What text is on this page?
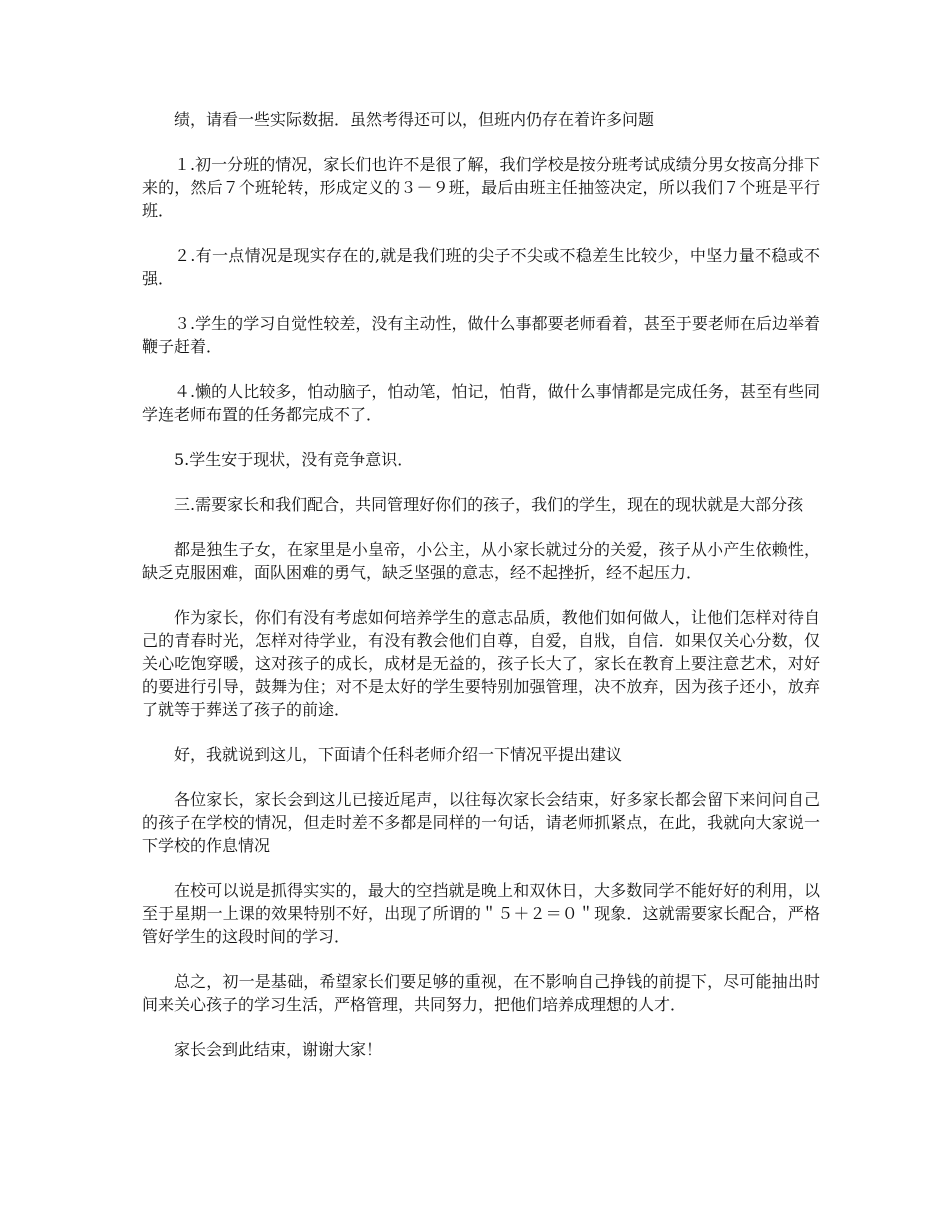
绩，请看一些实际数据．虽然考得还可以，但班内仍存在着许多问题

１.初一分班的情况，家长们也许不是很了解，我们学校是按分班考试成绩分男女按高分排下来的，然后７个班轮转，形成定义的３－９班，最后由班主任抽签决定，所以我们７个班是平行班．

２.有一点情况是现实存在的,就是我们班的尖子不尖或不稳差生比较少，中坚力量不稳或不强．

３.学生的学习自觉性较差，没有主动性，做什么事都要老师看着，甚至于要老师在后边举着鞭子赶着．

４.懒的人比较多，怕动脑子，怕动笔，怕记，怕背，做什么事情都是完成任务，甚至有些同学连老师布置的任务都完成不了．

5.学生安于现状，没有竞争意识．

三.需要家长和我们配合，共同管理好你们的孩子，我们的学生，现在的现状就是大部分孩

都是独生子女，在家里是小皇帝，小公主，从小家长就过分的关爱，孩子从小产生依赖性，缺乏克服困难，面队困难的勇气，缺乏坚强的意志，经不起挫折，经不起压力．

作为家长，你们有没有考虑如何培养学生的意志品质，教他们如何做人，让他们怎样对待自己的青春时光，怎样对待学业，有没有教会他们自尊，自爱，自戕，自信．如果仅关心分数，仅关心吃饱穿暖，这对孩子的成长，成材是无益的，孩子长大了，家长在教育上要注意艺术，对好的要进行引导，鼓舞为住；对不是太好的学生要特别加强管理，决不放弃，因为孩子还小，放弃了就等于葬送了孩子的前途．

好，我就说到这儿，下面请个任科老师介绍一下情况平提出建议

各位家长，家长会到这儿已接近尾声，以往每次家长会结束，好多家长都会留下来问问自己的孩子在学校的情况，但走时差不多都是同样的一句话，请老师抓紧点，在此，我就向大家说一下学校的作息情况

在校可以说是抓得实实的，最大的空挡就是晚上和双休日，大多数同学不能好好的利用，以至于星期一上课的效果特别不好，出现了所谓的＂５＋２＝０＂现象．这就需要家长配合，严格管好学生的这段时间的学习．

总之，初一是基础，希望家长们要足够的重视，在不影响自己挣钱的前提下，尽可能抽出时间来关心孩子的学习生活，严格管理，共同努力，把他们培养成理想的人才．

家长会到此结束，谢谢大家！
